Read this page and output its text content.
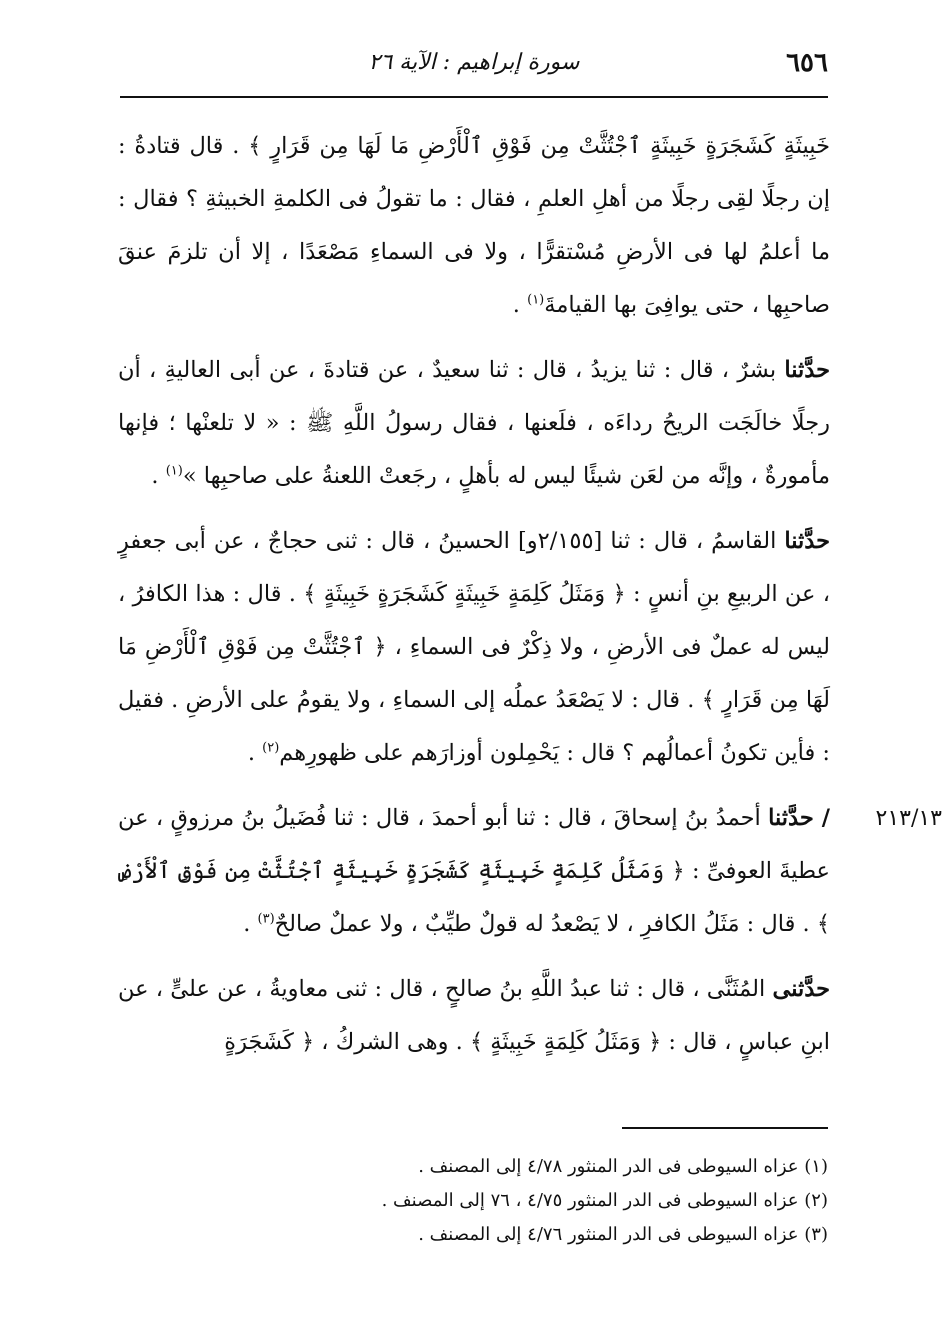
٦٥٦
سورة إبراهيم : الآية ٢٦

خَبِيثَةٍ كَشَجَرَةٍ خَبِيثَةٍ ٱجْتُثَّتْ مِن فَوْقِ ٱلْأَرْضِ مَا لَهَا مِن قَرَارٍ ﴾ . قال قتادةُ : إن رجلًا لقِى رجلًا من أهلِ العلمِ ، فقال : ما تقولُ فى الكلمةِ الخبيثةِ ؟ فقال : ما أعلمُ لها فى الأرضِ مُسْتقرًّا ، ولا فى السماءِ مَصْعَدًا ، إلا أن تلزمَ عنقَ صاحبِها ، حتى يوافِىَ بها القيامةَ$^{(١)}$ .

حدَّثنا بشرٌ ، قال : ثنا يزيدُ ، قال : ثنا سعيدٌ ، عن قتادةَ ، عن أبى العاليةِ ، أن رجلًا خالَجَت الريحُ رداءَه ، فلَعنها ، فقال رسولُ اللَّهِ ﷺ : « لا تلعنْها ؛ فإنها مأمورةٌ ، وإنَّه من لعَن شيئًا ليس له بأهلٍ ، رجَعتْ اللعنةُ على صاحبِها »$^{(١)}$ .

حدَّثنا القاسمُ ، قال : ثنا [٢/١٥٥و] الحسينُ ، قال : ثنى حجاجٌ ، عن أبى جعفرٍ ، عن الربيعِ بنِ أنسٍ : ﴿ وَمَثَلُ كَلِمَةٍ خَبِيثَةٍ كَشَجَرَةٍ خَبِيثَةٍ ﴾ . قال : هذا الكافرُ ، ليس له عملٌ فى الأرضِ ، ولا ذِكْرٌ فى السماءِ ، ﴿ ٱجْتُثَّتْ مِن فَوْقِ ٱلْأَرْضِ مَا لَهَا مِن قَرَارٍ ﴾ . قال : لا يَصْعَدُ عملُه إلى السماءِ ، ولا يقومُ على الأرضِ . فقيل : فأين تكونُ أعمالُهم ؟ قال : يَحْمِلون أوزارَهم على ظهورِهم$^{(٢)}$ .

٢١٣/١٣
/ حدَّثنا أحمدُ بنُ إسحاقَ ، قال : ثنا أبو أحمدَ ، قال : ثنا فُضَيلُ بنُ مرزوقٍ ، عن عطيةَ العوفىِّ : ﴿ وَمَثَلُ كَلِمَةٍ خَبِيثَةٍ كَشَجَرَةٍ خَبِيثَةٍ ٱجْتُثَّتْ مِن فَوْقِ ٱلْأَرْضِ ﴾ . قال : مَثَلُ الكافرِ ، لا يَصْعدُ له قولٌ طيِّبٌ ، ولا عملٌ صالحٌ$^{(٣)}$ .

حدَّثنى المُثَنَّى ، قال : ثنا عبدُ اللَّهِ بنُ صالحٍ ، قال : ثنى معاويةُ ، عن علىٍّ ، عن ابنِ عباسٍ ، قال : ﴿ وَمَثَلُ كَلِمَةٍ خَبِيثَةٍ ﴾ . وهى الشركُ ، ﴿ كَشَجَرَةٍ

(١) عزاه السيوطى فى الدر المنثور ٤/٧٨ إلى المصنف .

(٢) عزاه السيوطى فى الدر المنثور ٤/٧٥ ، ٧٦ إلى المصنف .

(٣) عزاه السيوطى فى الدر المنثور ٤/٧٦ إلى المصنف .
